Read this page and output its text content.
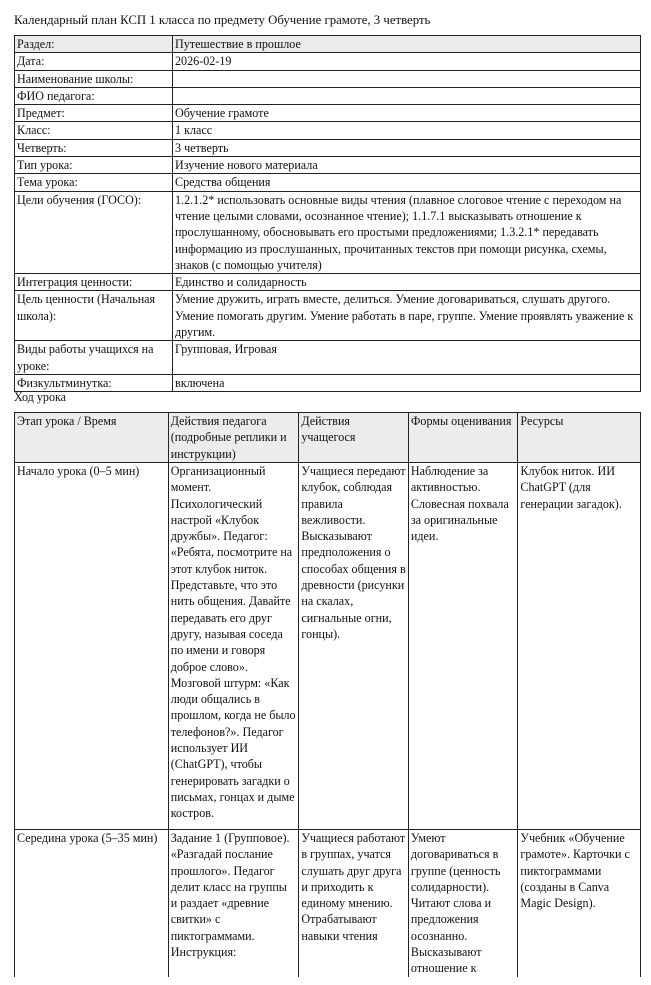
Календарный план КСП 1 класса по предмету Обучение грамоте, 3 четверть
Раздел:	Путешествие в прошлое
Дата:	2026-02-19
Наименование школы:	
ФИО педагога:	
Предмет:	Обучение грамоте
Класс:	1 класс
Четверть:	3 четверть
Тип урока:	Изучение нового материала
Тема урока:	Средства общения
Цели обучения (ГОСО):	1.2.1.2* использовать основные виды чтения (плавное слоговое чтение с переходом на чтение целыми словами, осознанное чтение); 1.1.7.1 высказывать отношение к прослушанному, обосновывать его простыми предложениями; 1.3.2.1* передавать информацию из прослушанных, прочитанных текстов при помощи рисунка, схемы, знаков (с помощью учителя)
Интеграция ценности:	Единство и солидарность
Цель ценности (Начальная школа):	Умение дружить, играть вместе, делиться. Умение договариваться, слушать другого. Умение помогать другим. Умение работать в паре, группе. Умение проявлять уважение к другим.
Виды работы учащихся на уроке:	Групповая, Игровая
Физкультминутка:	включена
Ход урока
Этап урока / Время	Действия педагога (подробные реплики и инструкции)	Действия учащегося	Формы оценивания	Ресурсы
Начало урока (0–5 мин)	Организационный момент. Психологический настрой «Клубок дружбы». Педагог: «Ребята, посмотрите на этот клубок ниток. Представьте, что это нить общения. Давайте передавать его друг другу, называя соседа по имени и говоря доброе слово». Мозговой штурм: «Как люди общались в прошлом, когда не было телефонов?». Педагог использует ИИ (ChatGPT), чтобы генерировать загадки о письмах, гонцах и дыме костров.	Учащиеся передают клубок, соблюдая правила вежливости. Высказывают предположения о способах общения в древности (рисунки на скалах, сигнальные огни, гонцы).	Наблюдение за активностью. Словесная похвала за оригинальные идеи.	Клубок ниток. ИИ ChatGPT (для генерации загадок).
Середина урока (5–35 мин)	Задание 1 (Групповое). «Разгадай послание прошлого». Педагог делит класс на группы и раздает «древние свитки» с пиктограммами. Инструкция:	Учащиеся работают в группах, учатся слушать друг друга и приходить к единому мнению. Отрабатывают навыки чтения	Умеют договариваться в группе (ценность солидарности). Читают слова и предложения осознанно. Высказывают отношение к	Учебник «Обучение грамоте». Карточки с пиктограммами (созданы в Canva Magic Design).
